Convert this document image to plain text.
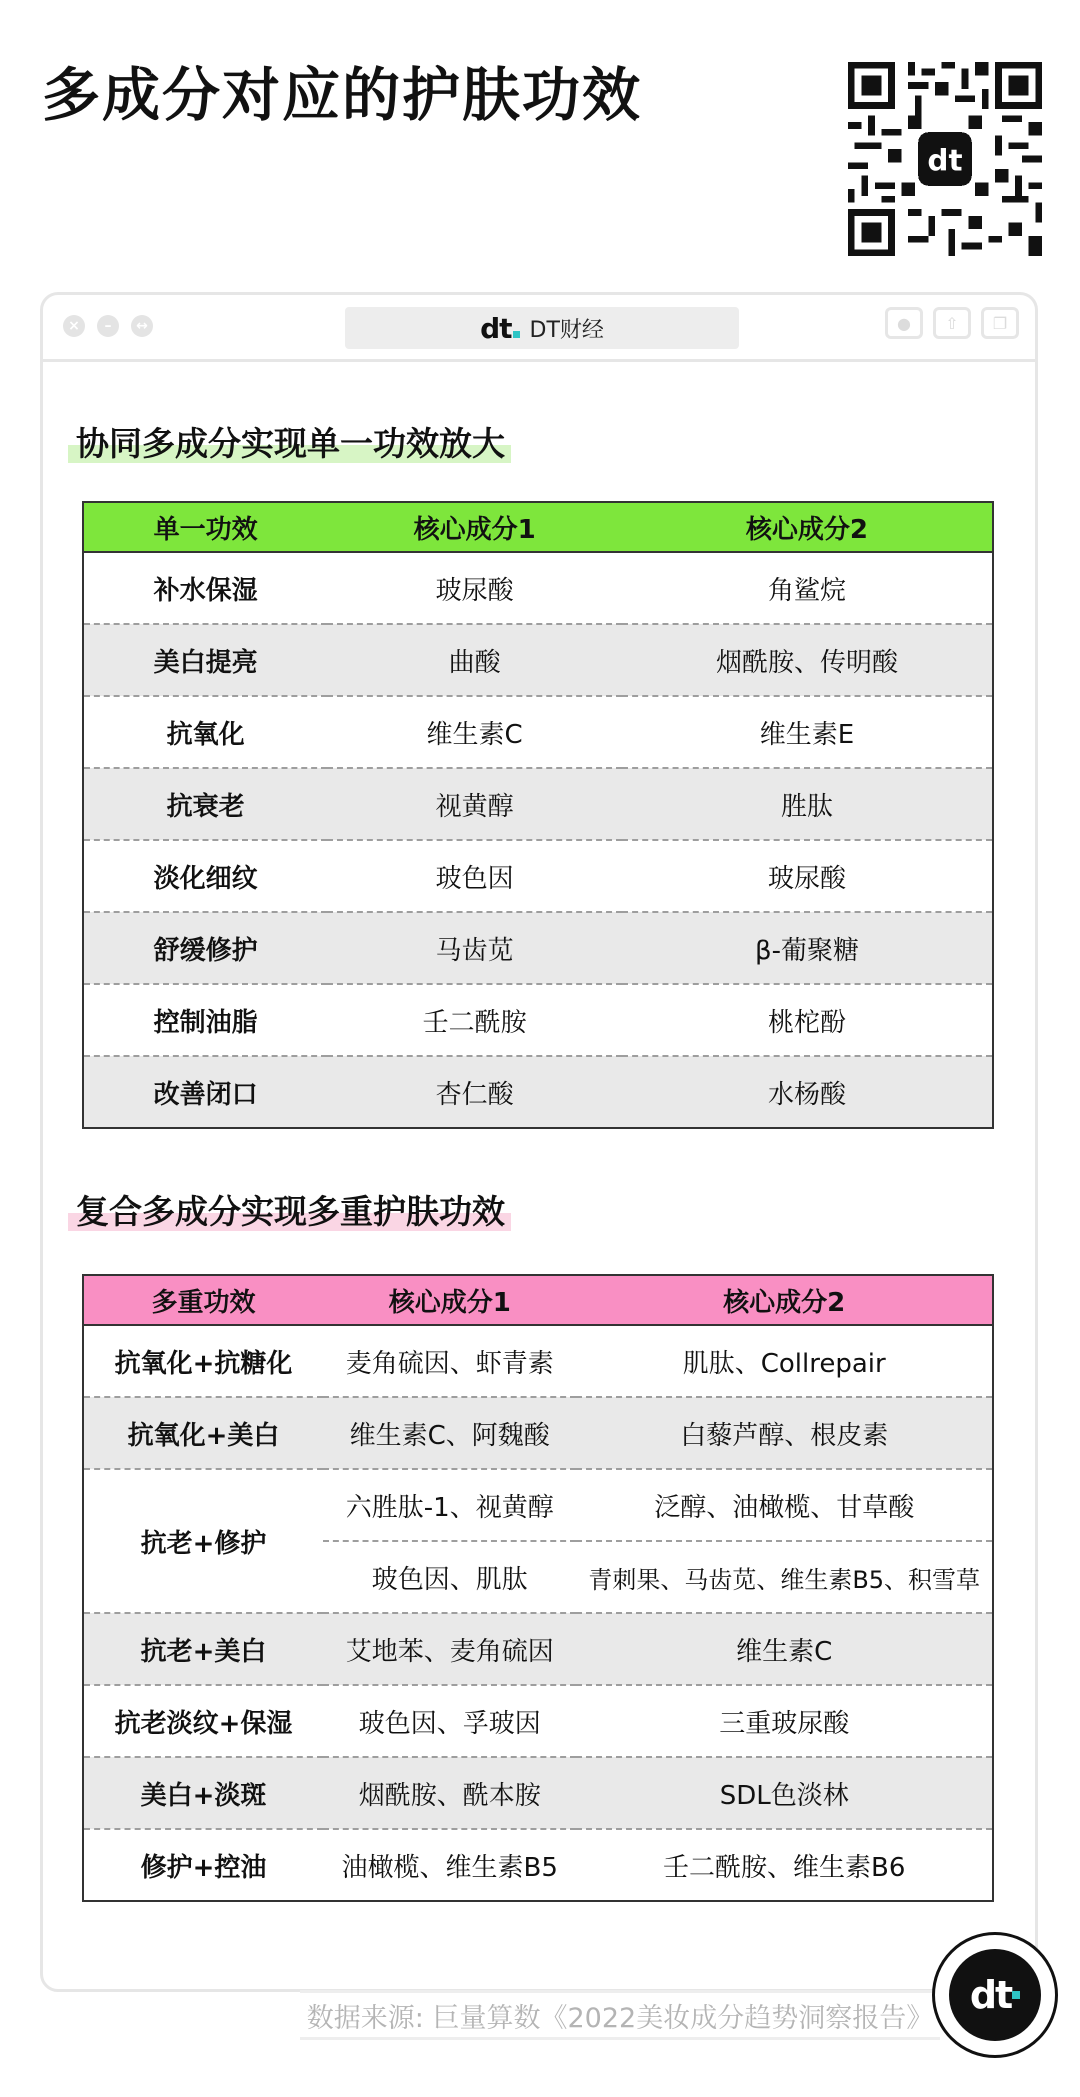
多成分对应的护肤功效
dt
×	–	↔	dt DT财经	●	⇧	❐
协同多成分实现单一功效放大
单一功效	核心成分1	核心成分2
补水保湿	玻尿酸	角鲨烷
美白提亮	曲酸	烟酰胺、传明酸
抗氧化	维生素C	维生素E
抗衰老	视黄醇	胜肽
淡化细纹	玻色因	玻尿酸
舒缓修护	马齿苋	β-葡聚糖
控制油脂	壬二酰胺	桃柁酚
改善闭口	杏仁酸	水杨酸
复合多成分实现多重护肤功效
多重功效	核心成分1	核心成分2
抗氧化+抗糖化	麦角硫因、虾青素	肌肽、Collrepair
抗氧化+美白	维生素C、阿魏酸	白藜芦醇、根皮素
抗老+修护	六胜肽-1、视黄醇	泛醇、油橄榄、甘草酸
	玻色因、肌肽	青刺果、马齿苋、维生素B5、积雪草
抗老+美白	艾地苯、麦角硫因	维生素C
抗老淡纹+保湿	玻色因、孚玻因	三重玻尿酸
美白+淡斑	烟酰胺、酰本胺	SDL色淡林
修护+控油	油橄榄、维生素B5	壬二酰胺、维生素B6
数据来源: 巨量算数《2022美妆成分趋势洞察报告》
dt
